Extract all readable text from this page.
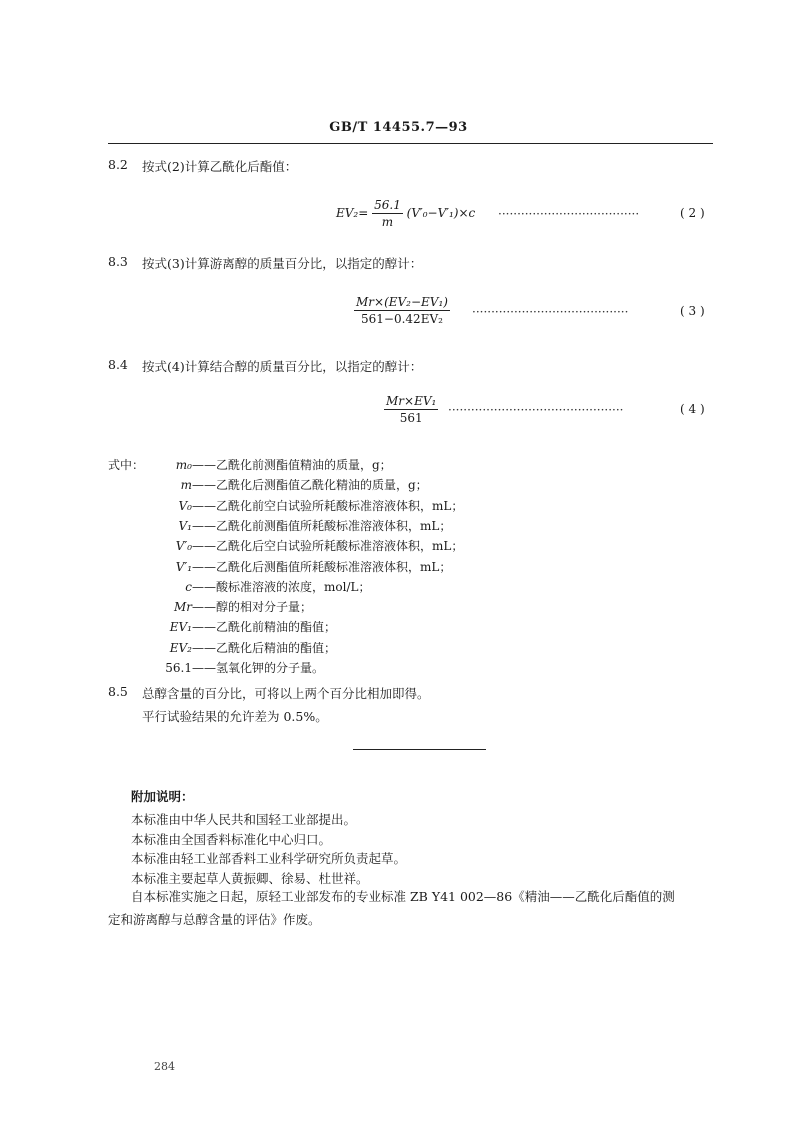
GB/T 14455.7—93
8.2 按式(2)计算乙酰化后酯值：
$EV_2= \frac{56.1}{m} (V'_0-V'_1)\times c$ ·····································	( 2 )
8.3 按式(3)计算游离醇的质量百分比，以指定的醇计：
$\frac{\text{Mr×(EV₂−EV₁)}}{\text{561−0.42EV₂}}$ ·········································	( 3 )
8.4 按式(4)计算结合醇的质量百分比，以指定的醇计：
$\frac{\text{Mr×EV₁}}{561}$ ··············································	( 4 )
式中：	m₀——乙酰化前测酯值精油的质量，g；
m——乙酰化后测酯值乙酰化精油的质量，g；
V₀——乙酰化前空白试验所耗酸标准溶液体积，mL；
V₁——乙酰化前测酯值所耗酸标准溶液体积，mL；
V′₀——乙酰化后空白试验所耗酸标准溶液体积，mL；
V′₁——乙酰化后测酯值所耗酸标准溶液体积，mL；
c——酸标准溶液的浓度，mol/L；
Mr——醇的相对分子量；
EV₁——乙酰化前精油的酯值；
EV₂——乙酰化后精油的酯值；
56.1——氢氧化钾的分子量。
8.5 总醇含量的百分比，可将以上两个百分比相加即得。
平行试验结果的允许差为 0.5%。
附加说明：
本标准由中华人民共和国轻工业部提出。
本标准由全国香料标准化中心归口。
本标准由轻工业部香料工业科学研究所负责起草。
本标准主要起草人黄振卿、徐易、杜世祥。
自本标准实施之日起，原轻工业部发布的专业标准 ZB Y41 002—86《精油——乙酰化后酯值的测
定和游离醇与总醇含量的评估》作废。
284
